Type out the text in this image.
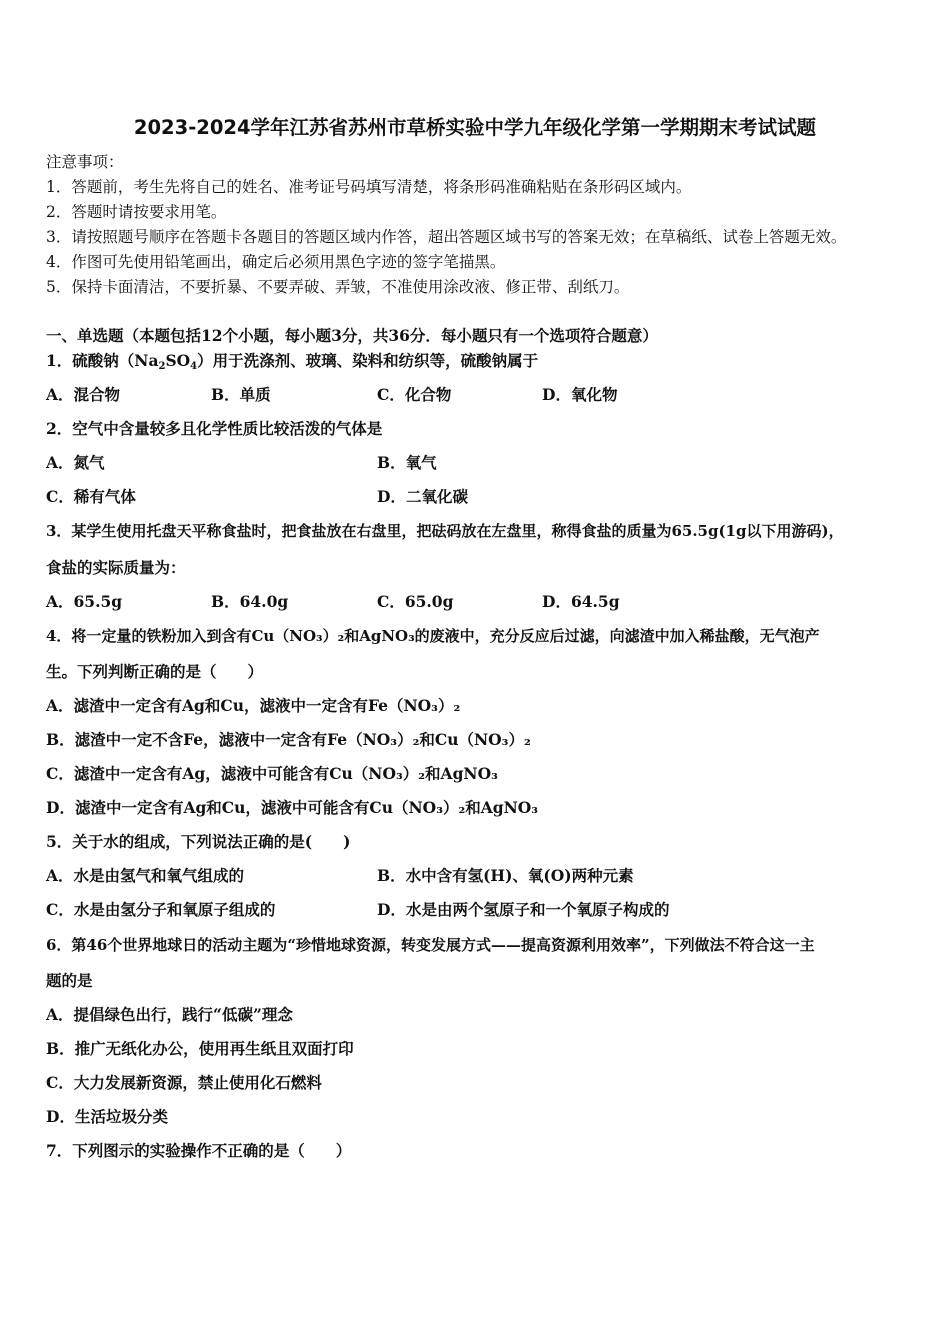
2023-2024学年江苏省苏州市草桥实验中学九年级化学第一学期期末考试试题
注意事项：
1．答题前，考生先将自己的姓名、准考证号码填写清楚，将条形码准确粘贴在条形码区域内。
2．答题时请按要求用笔。
3．请按照题号顺序在答题卡各题目的答题区域内作答，超出答题区域书写的答案无效；在草稿纸、试卷上答题无效。
4．作图可先使用铅笔画出，确定后必须用黑色字迹的签字笔描黑。
5．保持卡面清洁，不要折暴、不要弄破、弄皱，不准使用涂改液、修正带、刮纸刀。
一、单选题（本题包括12个小题，每小题3分，共36分．每小题只有一个选项符合题意）
1．硫酸钠$(Na_2SO_4)$用于洗涤剂、玻璃、染料和纺织等，硫酸钠属于
A．混合物	B．单质	C．化合物	D．氧化物
2．空气中含量较多且化学性质比较活泼的气体是
A．氮气	B．氧气
C．稀有气体	D．二氧化碳
3．某学生使用托盘天平称食盐时，把食盐放在右盘里，把砝码放在左盘里，称得食盐的质量为65.5g(1g以下用游码)，
食盐的实际质量为：
A．65.5g	B．64.0g	C．65.0g	D．64.5g
4．将一定量的铁粉加入到含有Cu（NO₃）₂和AgNO₃的废液中，充分反应后过滤，向滤渣中加入稀盐酸，无气泡产
生。下列判断正确的是（　　）
A．滤渣中一定含有Ag和Cu，滤液中一定含有Fe（NO₃）₂
B．滤渣中一定不含Fe，滤液中一定含有Fe（NO₃）₂和Cu（NO₃）₂
C．滤渣中一定含有Ag，滤液中可能含有Cu（NO₃）₂和AgNO₃
D．滤渣中一定含有Ag和Cu，滤液中可能含有Cu（NO₃）₂和AgNO₃
5．关于水的组成，下列说法正确的是(　　)
A．水是由氢气和氧气组成的	B．水中含有氢(H)、氧(O)两种元素
C．水是由氢分子和氧原子组成的	D．水是由两个氢原子和一个氧原子构成的
6．第46个世界地球日的活动主题为“珍惜地球资源，转变发展方式——提高资源利用效率”，下列做法不符合这一主
题的是
A．提倡绿色出行，践行“低碳”理念
B．推广无纸化办公，使用再生纸且双面打印
C．大力发展新资源，禁止使用化石燃料
D．生活垃圾分类
7．下列图示的实验操作不正确的是（　　）
